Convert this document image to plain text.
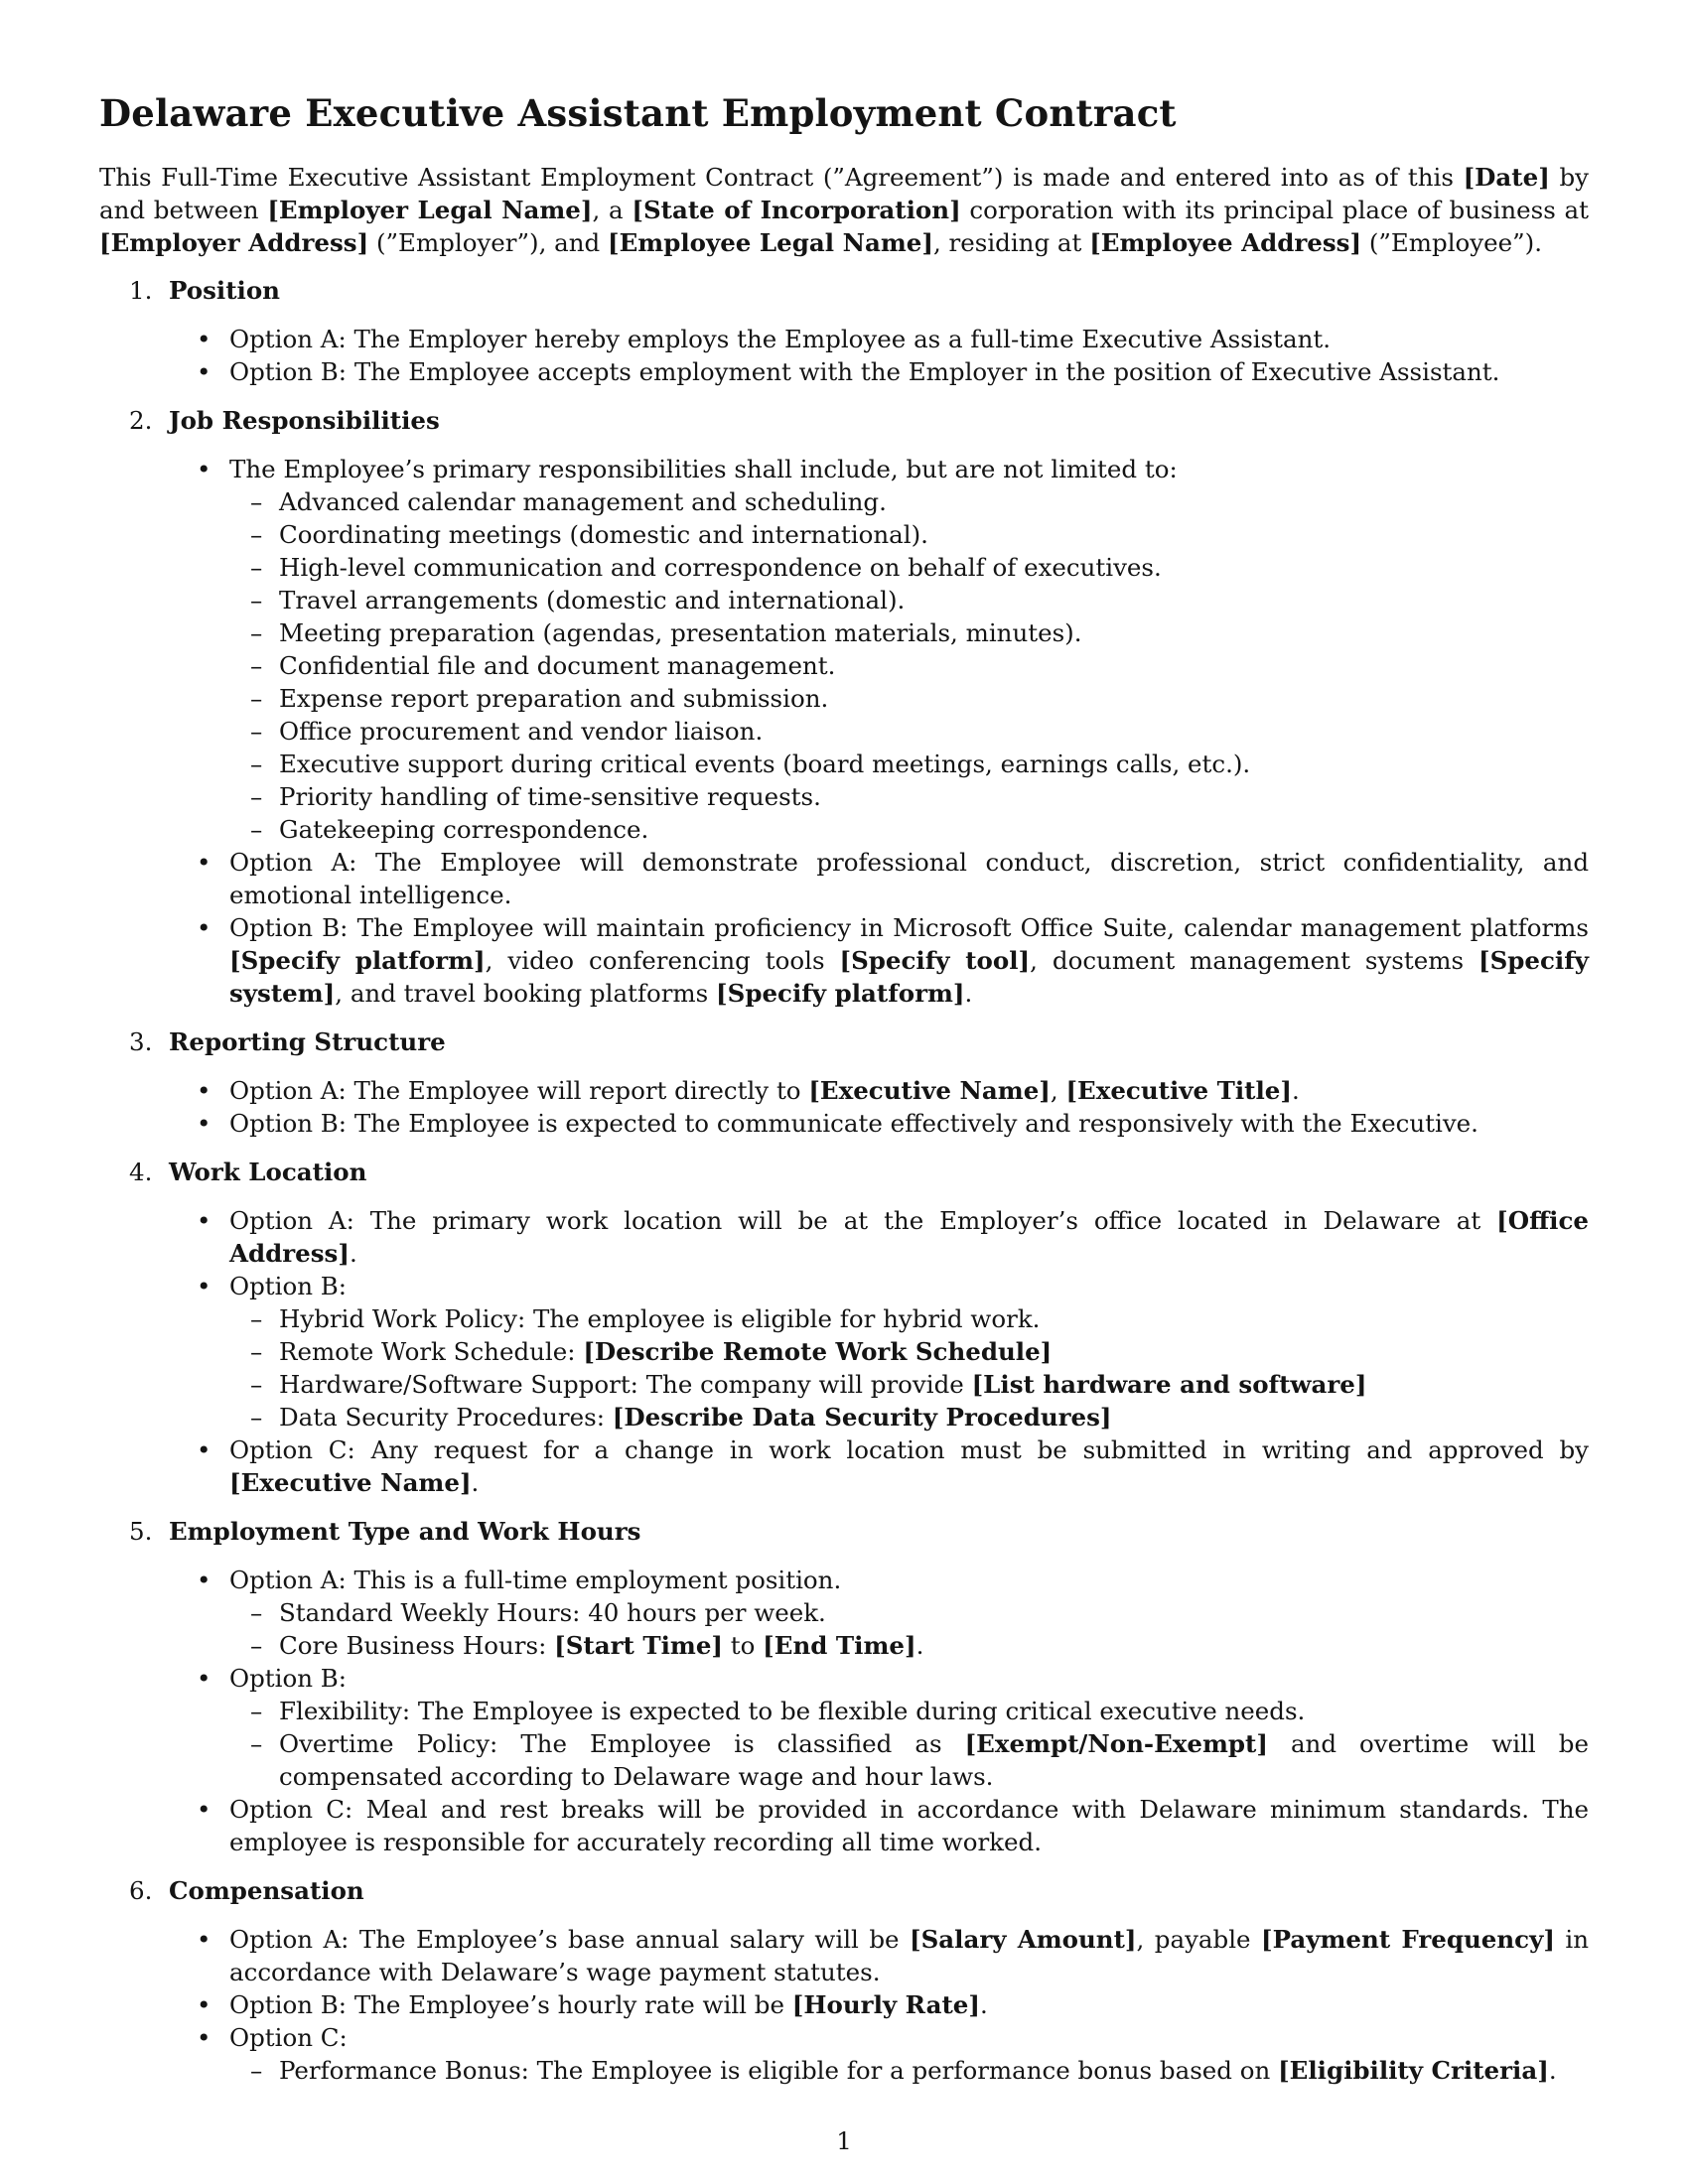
Delaware Executive Assistant Employment Contract

This Full-Time Executive Assistant Employment Contract (”Agreement”) is made and entered into as of this [Date] by and between [Employer Legal Name], a [State of Incorporation] corporation with its principal place of business at [Employer Address] (”Employer”), and [Employee Legal Name], residing at [Employee Address] (”Employee”).

1. Position
• Option A: The Employer hereby employs the Employee as a full-time Executive Assistant.
• Option B: The Employee accepts employment with the Employer in the position of Executive Assistant.
2. Job Responsibilities
• The Employee’s primary responsibilities shall include, but are not limited to:
– Advanced calendar management and scheduling.
– Coordinating meetings (domestic and international).
– High-level communication and correspondence on behalf of executives.
– Travel arrangements (domestic and international).
– Meeting preparation (agendas, presentation materials, minutes).
– Confidential file and document management.
– Expense report preparation and submission.
– Office procurement and vendor liaison.
– Executive support during critical events (board meetings, earnings calls, etc.).
– Priority handling of time-sensitive requests.
– Gatekeeping correspondence.
• Option A: The Employee will demonstrate professional conduct, discretion, strict confidentiality, and emotional intelligence.
• Option B: The Employee will maintain proficiency in Microsoft Office Suite, calendar management platforms [Specify platform], video conferencing tools [Specify tool], document management systems [Specify system], and travel booking platforms [Specify platform].
3. Reporting Structure
• Option A: The Employee will report directly to [Executive Name], [Executive Title].
• Option B: The Employee is expected to communicate effectively and responsively with the Executive.
4. Work Location
• Option A: The primary work location will be at the Employer’s office located in Delaware at [Office Address].
• Option B:
– Hybrid Work Policy: The employee is eligible for hybrid work.
– Remote Work Schedule: [Describe Remote Work Schedule]
– Hardware/Software Support: The company will provide [List hardware and software]
– Data Security Procedures: [Describe Data Security Procedures]
• Option C: Any request for a change in work location must be submitted in writing and approved by [Executive Name].
5. Employment Type and Work Hours
• Option A: This is a full-time employment position.
– Standard Weekly Hours: 40 hours per week.
– Core Business Hours: [Start Time] to [End Time].
• Option B:
– Flexibility: The Employee is expected to be flexible during critical executive needs.
– Overtime Policy: The Employee is classified as [Exempt/Non-Exempt] and overtime will be compensated according to Delaware wage and hour laws.
• Option C: Meal and rest breaks will be provided in accordance with Delaware minimum standards. The employee is responsible for accurately recording all time worked.
6. Compensation
• Option A: The Employee’s base annual salary will be [Salary Amount], payable [Payment Frequency] in accordance with Delaware’s wage payment statutes.
• Option B: The Employee’s hourly rate will be [Hourly Rate].
• Option C:
– Performance Bonus: The Employee is eligible for a performance bonus based on [Eligibility Criteria].
1
